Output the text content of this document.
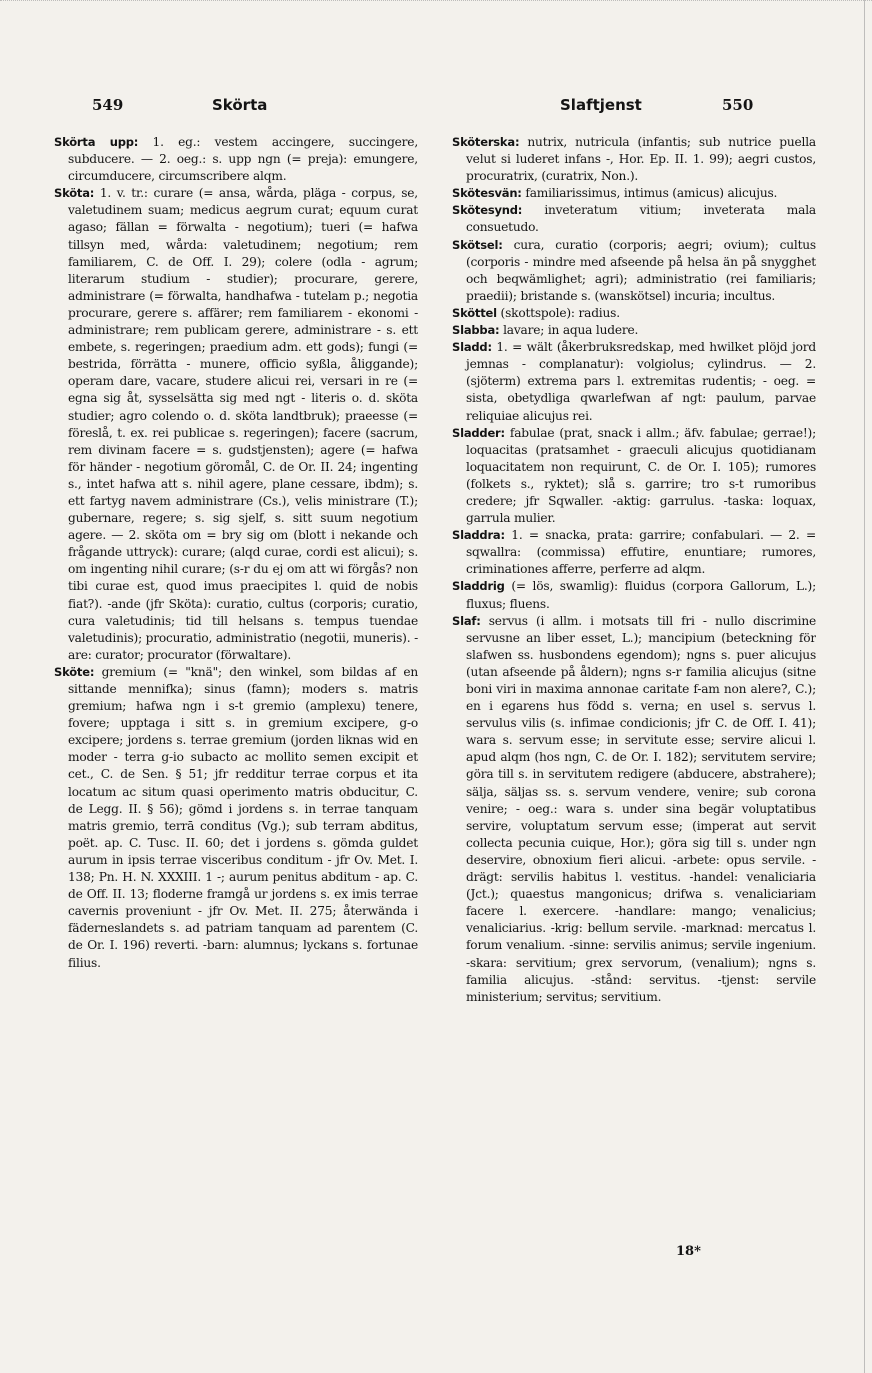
549	Skörta	Slaftjenst	550

Skörta upp: 1. eg.: vestem accingere, succingere, subducere. — 2. oeg.: s. upp ngn (= preja): emungere, circumducere, circumscribere alqm.

Sköta: 1. v. tr.: curare (= ansa, wårda, pläga - corpus, se, valetudinem suam; medicus aegrum curat; equum curat agaso; fällan = förwalta - negotium); tueri (= hafwa tillsyn med, wårda: valetudinem; negotium; rem familiarem, C. de Off. I. 29); colere (odla - agrum; literarum studium - studier); procurare, gerere, administrare (= förwalta, handhafwa - tutelam p.; negotia procurare, gerere s. affärer; rem familiarem - ekonomi - administrare; rem publicam gerere, administrare - s. ett embete, s. regeringen; praedium adm. ett gods); fungi (= bestrida, förrätta - munere, officio syßla, åliggande); operam dare, vacare, studere alicui rei, versari in re (= egna sig åt, sysselsätta sig med ngt - literis o. d. sköta studier; agro colendo o. d. sköta landtbruk); praeesse (= föreslå, t. ex. rei publicae s. regeringen); facere (sacrum, rem divinam facere = s. gudstjensten); agere (= hafwa för händer - negotium göromål, C. de Or. II. 24; ingenting s., intet hafwa att s. nihil agere, plane cessare, ibdm); s. ett fartyg navem administrare (Cs.), velis ministrare (T.); gubernare, regere; s. sig sjelf, s. sitt suum negotium agere. — 2. sköta om = bry sig om (blott i nekande och frågande uttryck): curare; (alqd curae, cordi est alicui); s. om ingenting nihil curare; (s-r du ej om att wi förgås? non tibi curae est, quod imus praecipites l. quid de nobis fiat?). -ande (jfr Sköta): curatio, cultus (corporis; curatio, cura valetudinis; tid till helsans s. tempus tuendae valetudinis); procuratio, administratio (negotii, muneris). -are: curator; procurator (förwaltare).

Sköte: gremium (= "knä"; den winkel, som bildas af en sittande mennifka); sinus (famn); moders s. matris gremium; hafwa ngn i s-t gremio (amplexu) tenere, fovere; upptaga i sitt s. in gremium excipere, g-o excipere; jordens s. terrae gremium (jorden liknas wid en moder - terra g-io subacto ac mollito semen excipit et cet., C. de Sen. § 51; jfr redditur terrae corpus et ita locatum ac situm quasi operimento matris obducitur, C. de Legg. II. § 56); gömd i jordens s. in terrae tanquam matris gremio, terrā conditus (Vg.); sub terram abditus, poët. ap. C. Tusc. II. 60; det i jordens s. gömda guldet aurum in ipsis terrae visceribus conditum - jfr Ov. Met. I. 138; Pn. H. N. XXXIII. 1 -; aurum penitus abditum - ap. C. de Off. II. 13; floderne framgå ur jordens s. ex imis terrae cavernis proveniunt - jfr Ov. Met. II. 275; återwända i fäderneslandets s. ad patriam tanquam ad parentem (C. de Or. I. 196) reverti. -barn: alumnus; lyckans s. fortunae filius.

Sköterska: nutrix, nutricula (infantis; sub nutrice puella velut si luderet infans -, Hor. Ep. II. 1. 99); aegri custos, procuratrix, (curatrix, Non.).

Skötesvän: familiarissimus, intimus (amicus) alicujus.

Skötesynd: inveteratum vitium; inveterata mala consuetudo.

Skötsel: cura, curatio (corporis; aegri; ovium); cultus (corporis - mindre med afseende på helsa än på snygghet och beqwämlighet; agri); administratio (rei familiaris; praedii); bristande s. (wanskötsel) incuria; incultus.

Sköttel (skottspole): radius.

Slabba: lavare; in aqua ludere.

Sladd: 1. = wält (åkerbruksredskap, med hwilket plöjd jord jemnas - complanatur): volgiolus; cylindrus. — 2. (sjöterm) extrema pars l. extremitas rudentis; - oeg. = sista, obetydliga qwarlefwan af ngt: paulum, parvae reliquiae alicujus rei.

Sladder: fabulae (prat, snack i allm.; äfv. fabulae; gerrae!); loquacitas (pratsamhet - graeculi alicujus quotidianam loquacitatem non requirunt, C. de Or. I. 105); rumores (folkets s., ryktet); slå s. garrire; tro s-t rumoribus credere; jfr Sqwaller. -aktig: garrulus. -taska: loquax, garrula mulier.

Sladdra: 1. = snacka, prata: garrire; confabulari. — 2. = sqwallra: (commissa) effutire, enuntiare; rumores, criminationes afferre, perferre ad alqm.

Sladdrig (= lös, swamlig): fluidus (corpora Gallorum, L.); fluxus; fluens.

Slaf: servus (i allm. i motsats till fri - nullo discrimine servusne an liber esset, L.); mancipium (beteckning för slafwen ss. husbondens egendom); ngns s. puer alicujus (utan afseende på åldern); ngns s-r familia alicujus (sitne boni viri in maxima annonae caritate f-am non alere?, C.); en i egarens hus född s. verna; en usel s. servus l. servulus vilis (s. infimae condicionis; jfr C. de Off. I. 41); wara s. servum esse; in servitute esse; servire alicui l. apud alqm (hos ngn, C. de Or. I. 182); servitutem servire; göra till s. in servitutem redigere (abducere, abstrahere); sälja, säljas ss. s. servum vendere, venire; sub corona venire; - oeg.: wara s. under sina begär voluptatibus servire, voluptatum servum esse; (imperat aut servit collecta pecunia cuique, Hor.); göra sig till s. under ngn deservire, obnoxium fieri alicui. -arbete: opus servile. -drägt: servilis habitus l. vestitus. -handel: venaliciaria (Jct.); quaestus mangonicus; drifwa s. venaliciariam facere l. exercere. -handlare: mango; venalicius; venaliciarius. -krig: bellum servile. -marknad: mercatus l. forum venalium. -sinne: servilis animus; servile ingenium. -skara: servitium; grex servorum, (venalium); ngns s. familia alicujus. -stånd: servitus. -tjenst: servile ministerium; servitus; servitium.

18*
